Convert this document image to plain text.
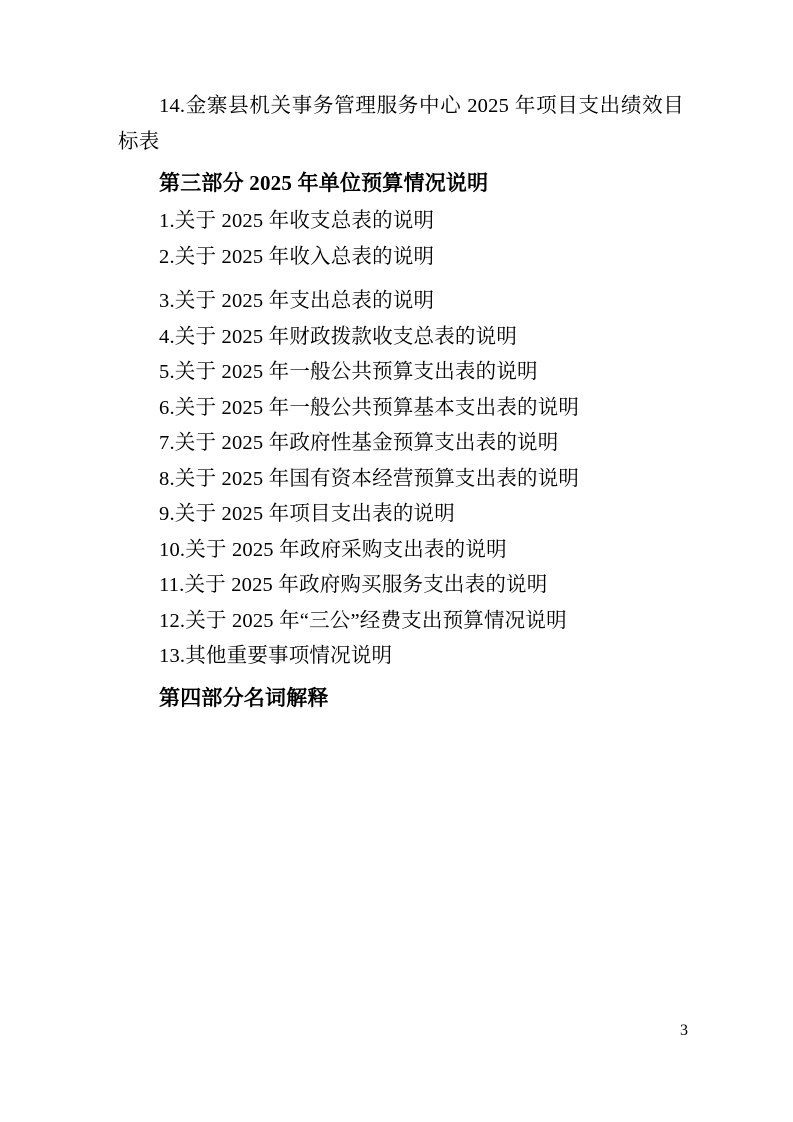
14.金寨县机关事务管理服务中心 2025 年项目支出绩效目标表

第三部分 2025 年单位预算情况说明

1.关于 2025 年收支总表的说明

2.关于 2025 年收入总表的说明

3.关于 2025 年支出总表的说明

4.关于 2025 年财政拨款收支总表的说明

5.关于 2025 年一般公共预算支出表的说明

6.关于 2025 年一般公共预算基本支出表的说明

7.关于 2025 年政府性基金预算支出表的说明

8.关于 2025 年国有资本经营预算支出表的说明

9.关于 2025 年项目支出表的说明

10.关于 2025 年政府采购支出表的说明

11.关于 2025 年政府购买服务支出表的说明

12.关于 2025 年“三公”经费支出预算情况说明

13.其他重要事项情况说明

第四部分名词解释

3
